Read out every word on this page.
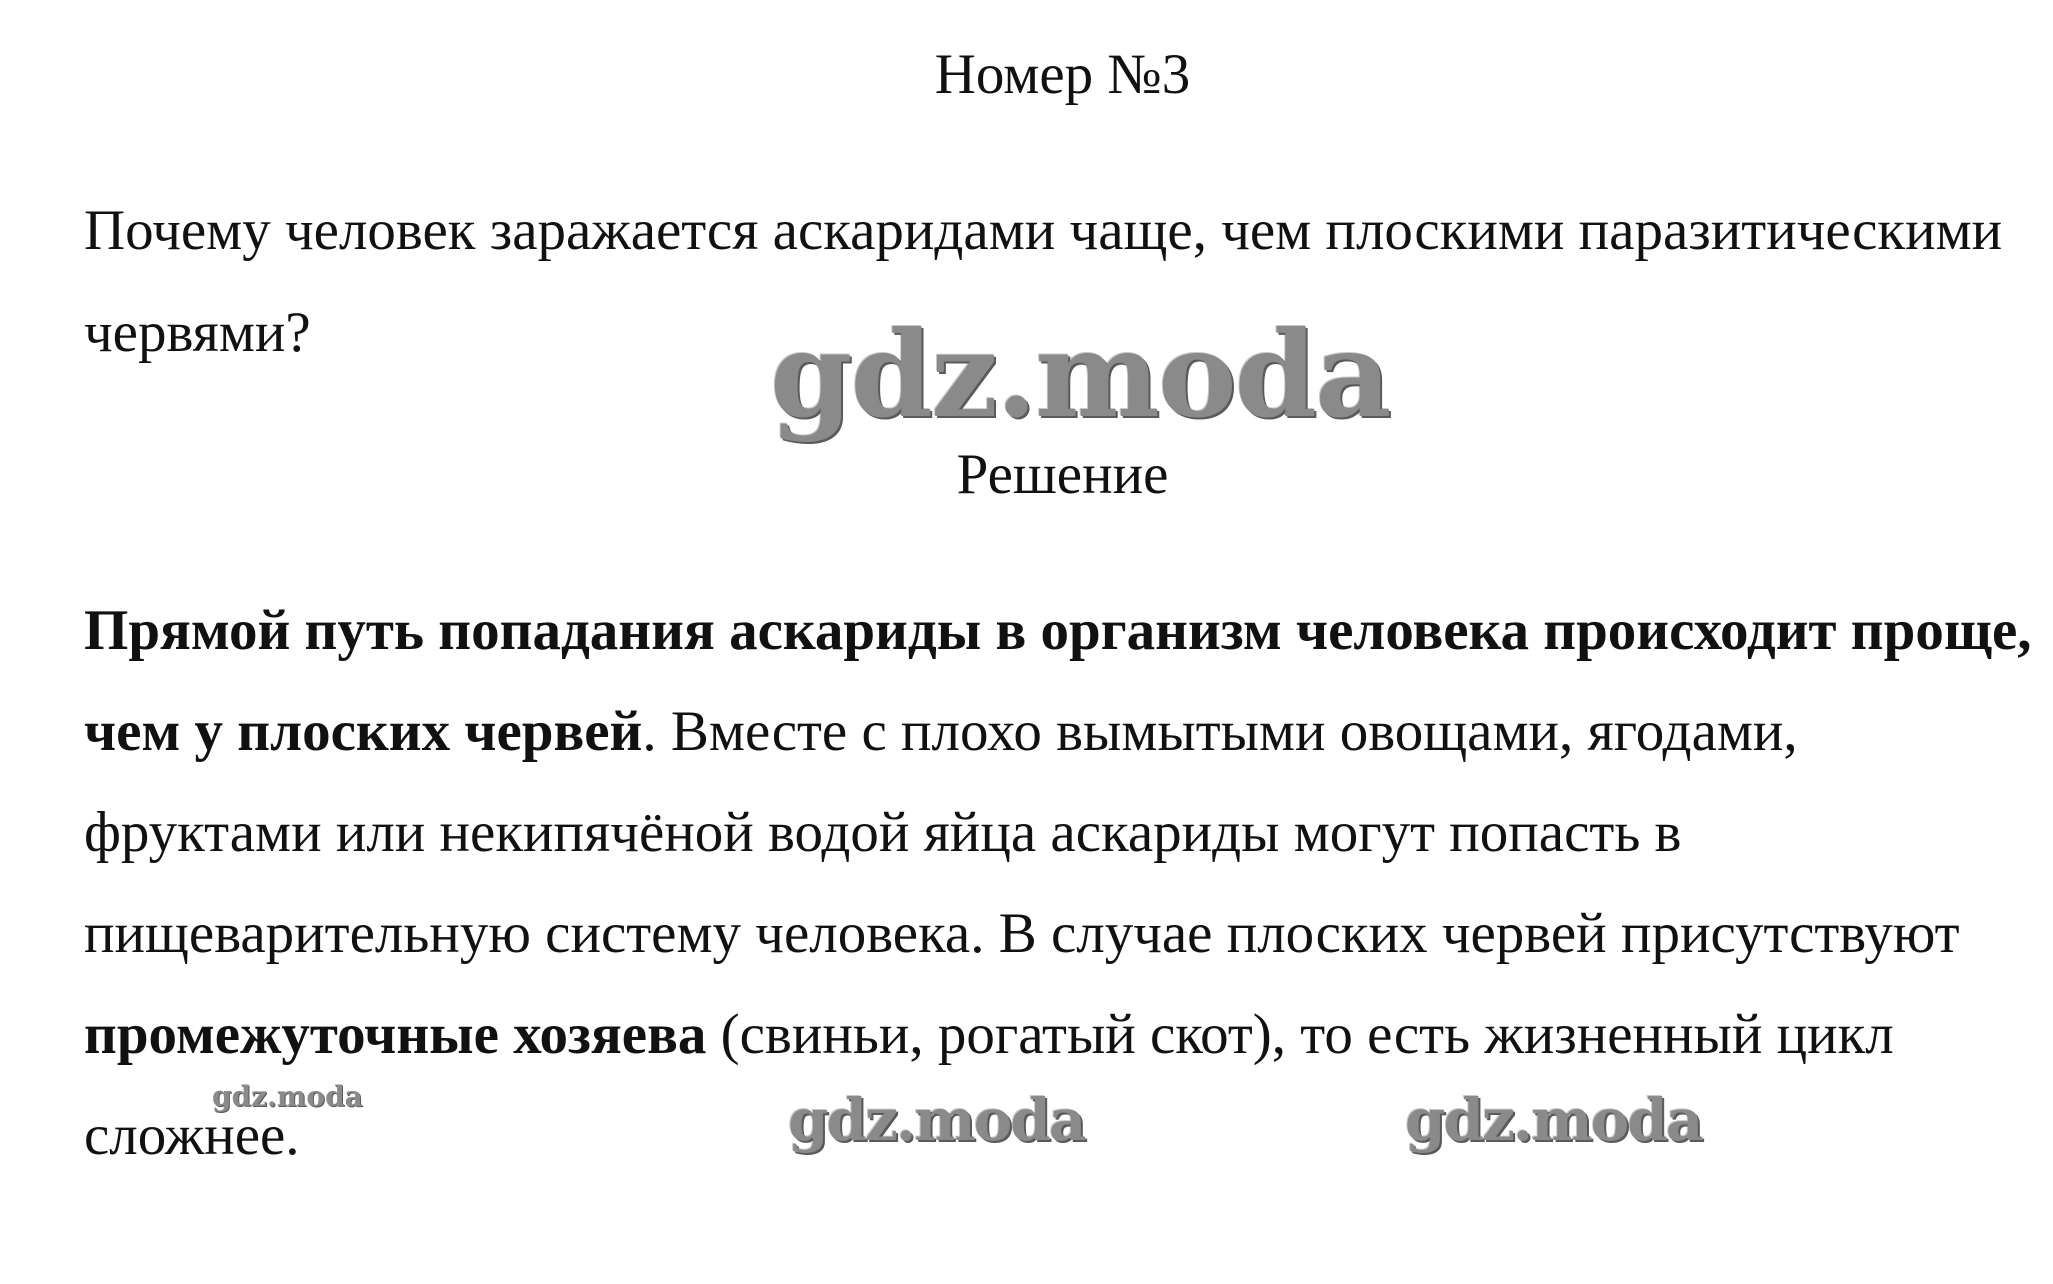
Номер №3

Почему человек заражается аскаридами чаще, чем плоскими паразитическими червями?	gdz.moda
Решение

Прямой путь попадания аскариды в организм человека происходит проще, чем у плоских червей. Вместе с плохо вымытыми овощами, ягодами, фруктами или некипячёной водой яйца аскариды могут попасть в пищеварительную систему человека. В случае плоских червей присутствуют промежуточные хозяева (свиньи, рогатый скот), то есть жизненный цикл сложнее.

gdz.moda	gdz.moda	gdz.moda
